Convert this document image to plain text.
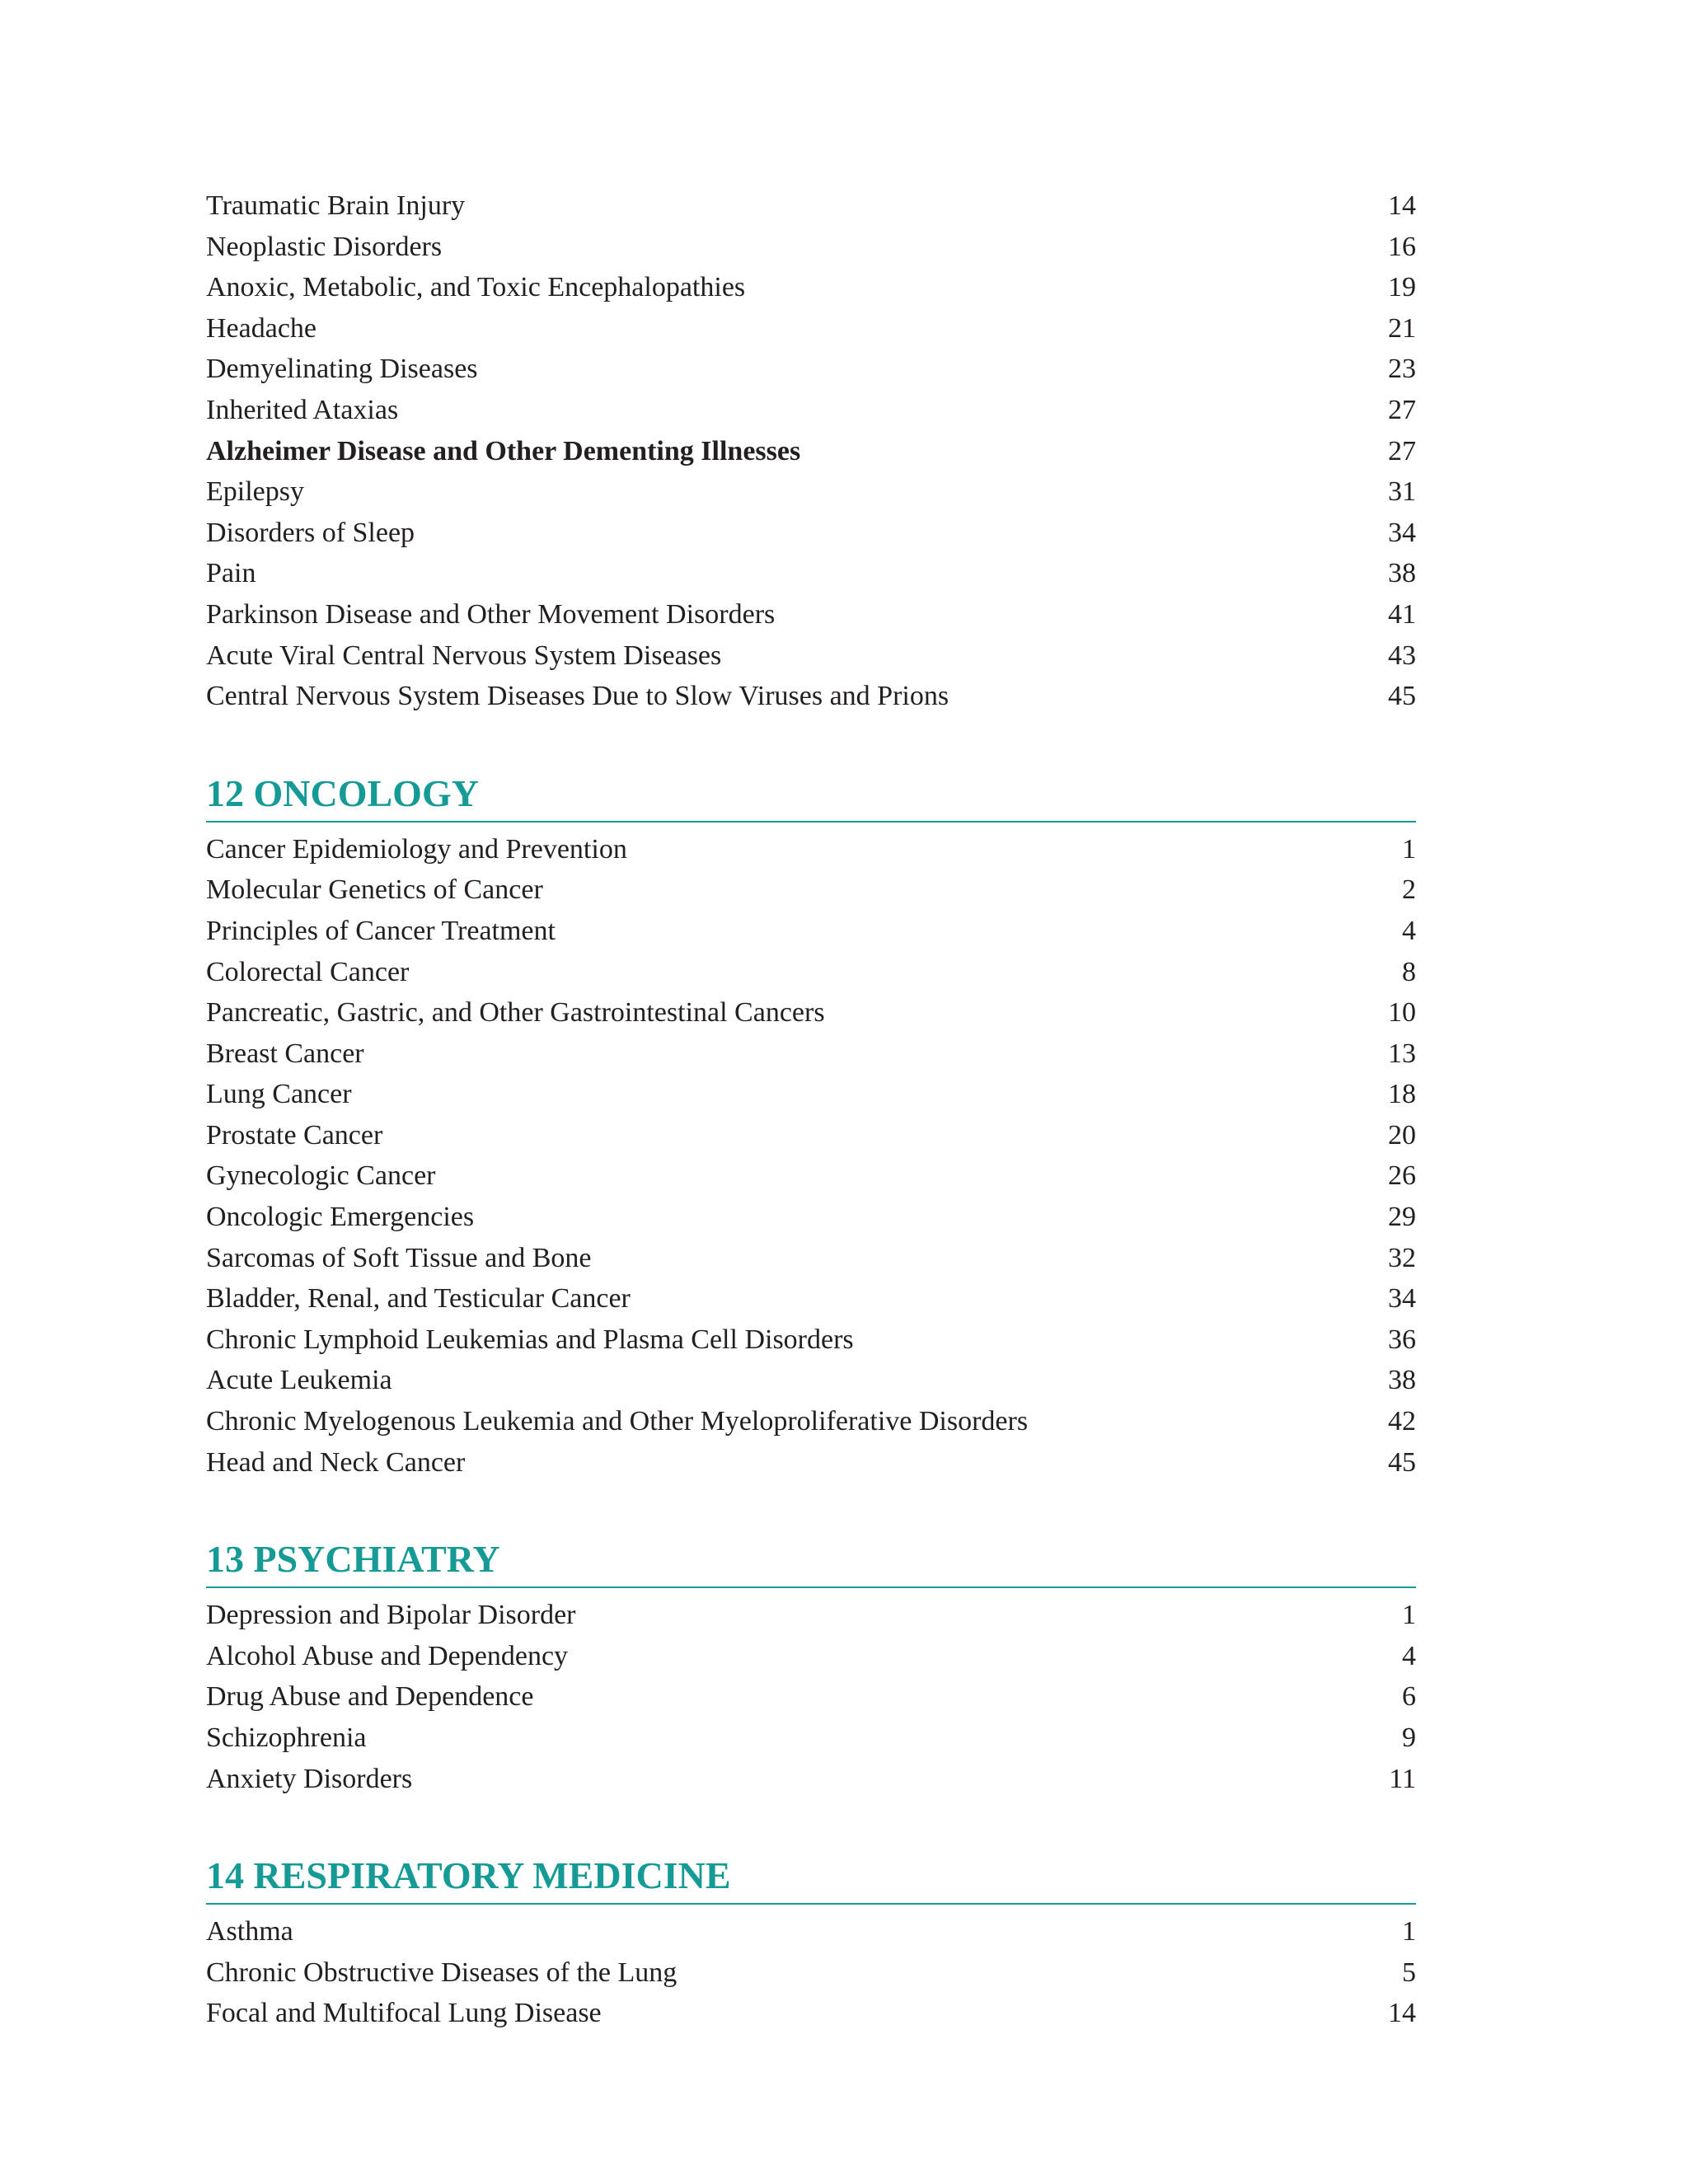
Traumatic Brain Injury	14
Neoplastic Disorders	16
Anoxic, Metabolic, and Toxic Encephalopathies	19
Headache	21
Demyelinating Diseases	23
Inherited Ataxias	27
Alzheimer Disease and Other Dementing Illnesses	27
Epilepsy	31
Disorders of Sleep	34
Pain	38
Parkinson Disease and Other Movement Disorders	41
Acute Viral Central Nervous System Diseases	43
Central Nervous System Diseases Due to Slow Viruses and Prions	45
12 ONCOLOGY
Cancer Epidemiology and Prevention	1
Molecular Genetics of Cancer	2
Principles of Cancer Treatment	4
Colorectal Cancer	8
Pancreatic, Gastric, and Other Gastrointestinal Cancers	10
Breast Cancer	13
Lung Cancer	18
Prostate Cancer	20
Gynecologic Cancer	26
Oncologic Emergencies	29
Sarcomas of Soft Tissue and Bone	32
Bladder, Renal, and Testicular Cancer	34
Chronic Lymphoid Leukemias and Plasma Cell Disorders	36
Acute Leukemia	38
Chronic Myelogenous Leukemia and Other Myeloproliferative Disorders	42
Head and Neck Cancer	45
13 PSYCHIATRY
Depression and Bipolar Disorder	1
Alcohol Abuse and Dependency	4
Drug Abuse and Dependence	6
Schizophrenia	9
Anxiety Disorders	11
14 RESPIRATORY MEDICINE
Asthma	1
Chronic Obstructive Diseases of the Lung	5
Focal and Multifocal Lung Disease	14
